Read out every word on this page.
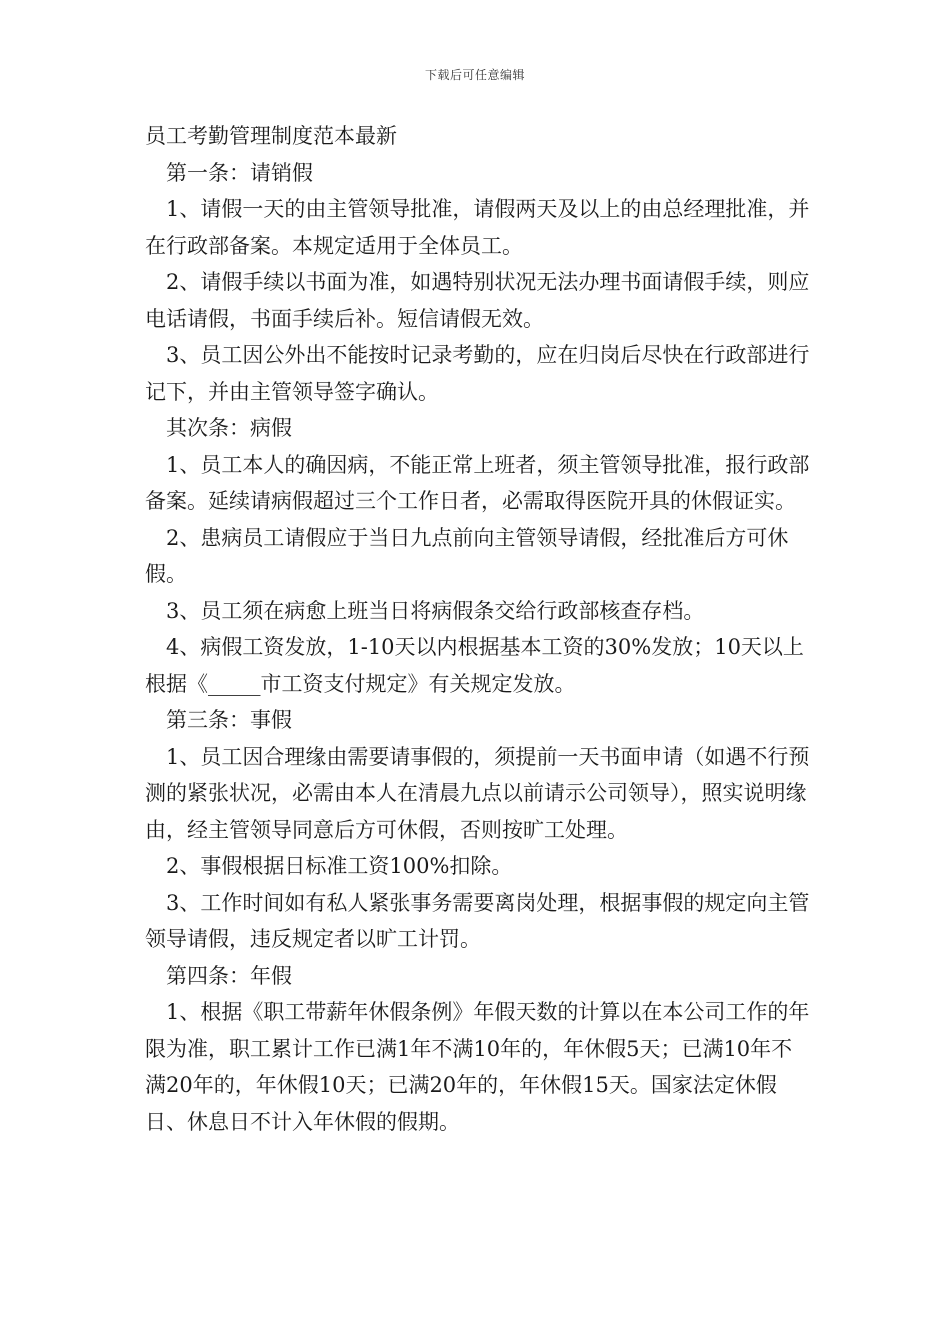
下载后可任意编辑

员工考勤管理制度范本最新

第一条：请销假

1、请假一天的由主管领导批准，请假两天及以上的由总经理批准，并在行政部备案。本规定适用于全体员工。

2、请假手续以书面为准，如遇特别状况无法办理书面请假手续，则应电话请假，书面手续后补。短信请假无效。

3、员工因公外出不能按时记录考勤的，应在归岗后尽快在行政部进行记下，并由主管领导签字确认。

其次条：病假

1、员工本人的确因病，不能正常上班者，须主管领导批准，报行政部备案。延续请病假超过三个工作日者，必需取得医院开具的休假证实。

2、患病员工请假应于当日九点前向主管领导请假，经批准后方可休假。

3、员工须在病愈上班当日将病假条交给行政部核查存档。

4、病假工资发放，1-10天以内根据基本工资的30%发放；10天以上根据《_____市工资支付规定》有关规定发放。

第三条：事假

1、员工因合理缘由需要请事假的，须提前一天书面申请（如遇不行预测的紧张状况，必需由本人在清晨九点以前请示公司领导），照实说明缘由，经主管领导同意后方可休假，否则按旷工处理。

2、事假根据日标准工资100%扣除。

3、工作时间如有私人紧张事务需要离岗处理，根据事假的规定向主管领导请假，违反规定者以旷工计罚。

第四条：年假

1、根据《职工带薪年休假条例》年假天数的计算以在本公司工作的年限为准，职工累计工作已满1年不满10年的，年休假5天；已满10年不满20年的，年休假10天；已满20年的，年休假15天。国家法定休假日、休息日不计入年休假的假期。
